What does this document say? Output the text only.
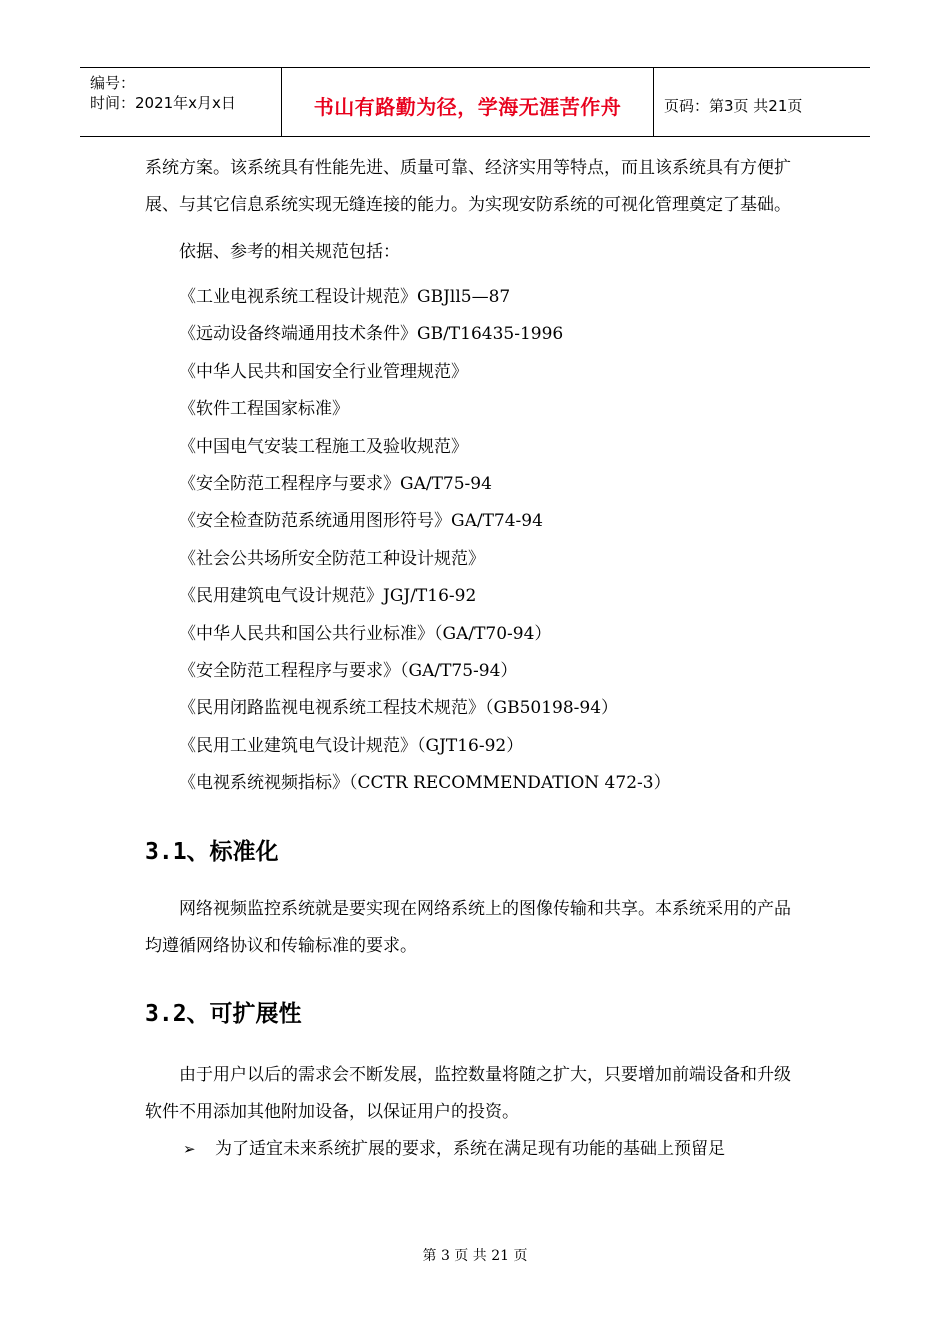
编号：
时间：2021年x月x日	书山有路勤为径，学海无涯苦作舟	页码：第3页 共21页

系统方案。该系统具有性能先进、质量可靠、经济实用等特点，而且该系统具有方便扩展、与其它信息系统实现无缝连接的能力。为实现安防系统的可视化管理奠定了基础。

依据、参考的相关规范包括：

《工业电视系统工程设计规范》GBJll5—87

《远动设备终端通用技术条件》GB/T16435-1996

《中华人民共和国安全行业管理规范》

《软件工程国家标准》

《中国电气安装工程施工及验收规范》

《安全防范工程程序与要求》GA/T75-94

《安全检查防范系统通用图形符号》GA/T74-94

《社会公共场所安全防范工种设计规范》

《民用建筑电气设计规范》JGJ/T16-92

《中华人民共和国公共行业标准》（GA/T70-94）

《安全防范工程程序与要求》（GA/T75-94）

《民用闭路监视电视系统工程技术规范》（GB50198-94）

《民用工业建筑电气设计规范》（GJT16-92）

《电视系统视频指标》（CCTR RECOMMENDATION 472-3）

3.1、标准化

网络视频监控系统就是要实现在网络系统上的图像传输和共享。本系统采用的产品均遵循网络协议和传输标准的要求。

3.2、可扩展性

由于用户以后的需求会不断发展，监控数量将随之扩大，只要增加前端设备和升级软件不用添加其他附加设备，以保证用户的投资。

➢ 为了适宜未来系统扩展的要求，系统在满足现有功能的基础上预留足

第 3 页 共 21 页
